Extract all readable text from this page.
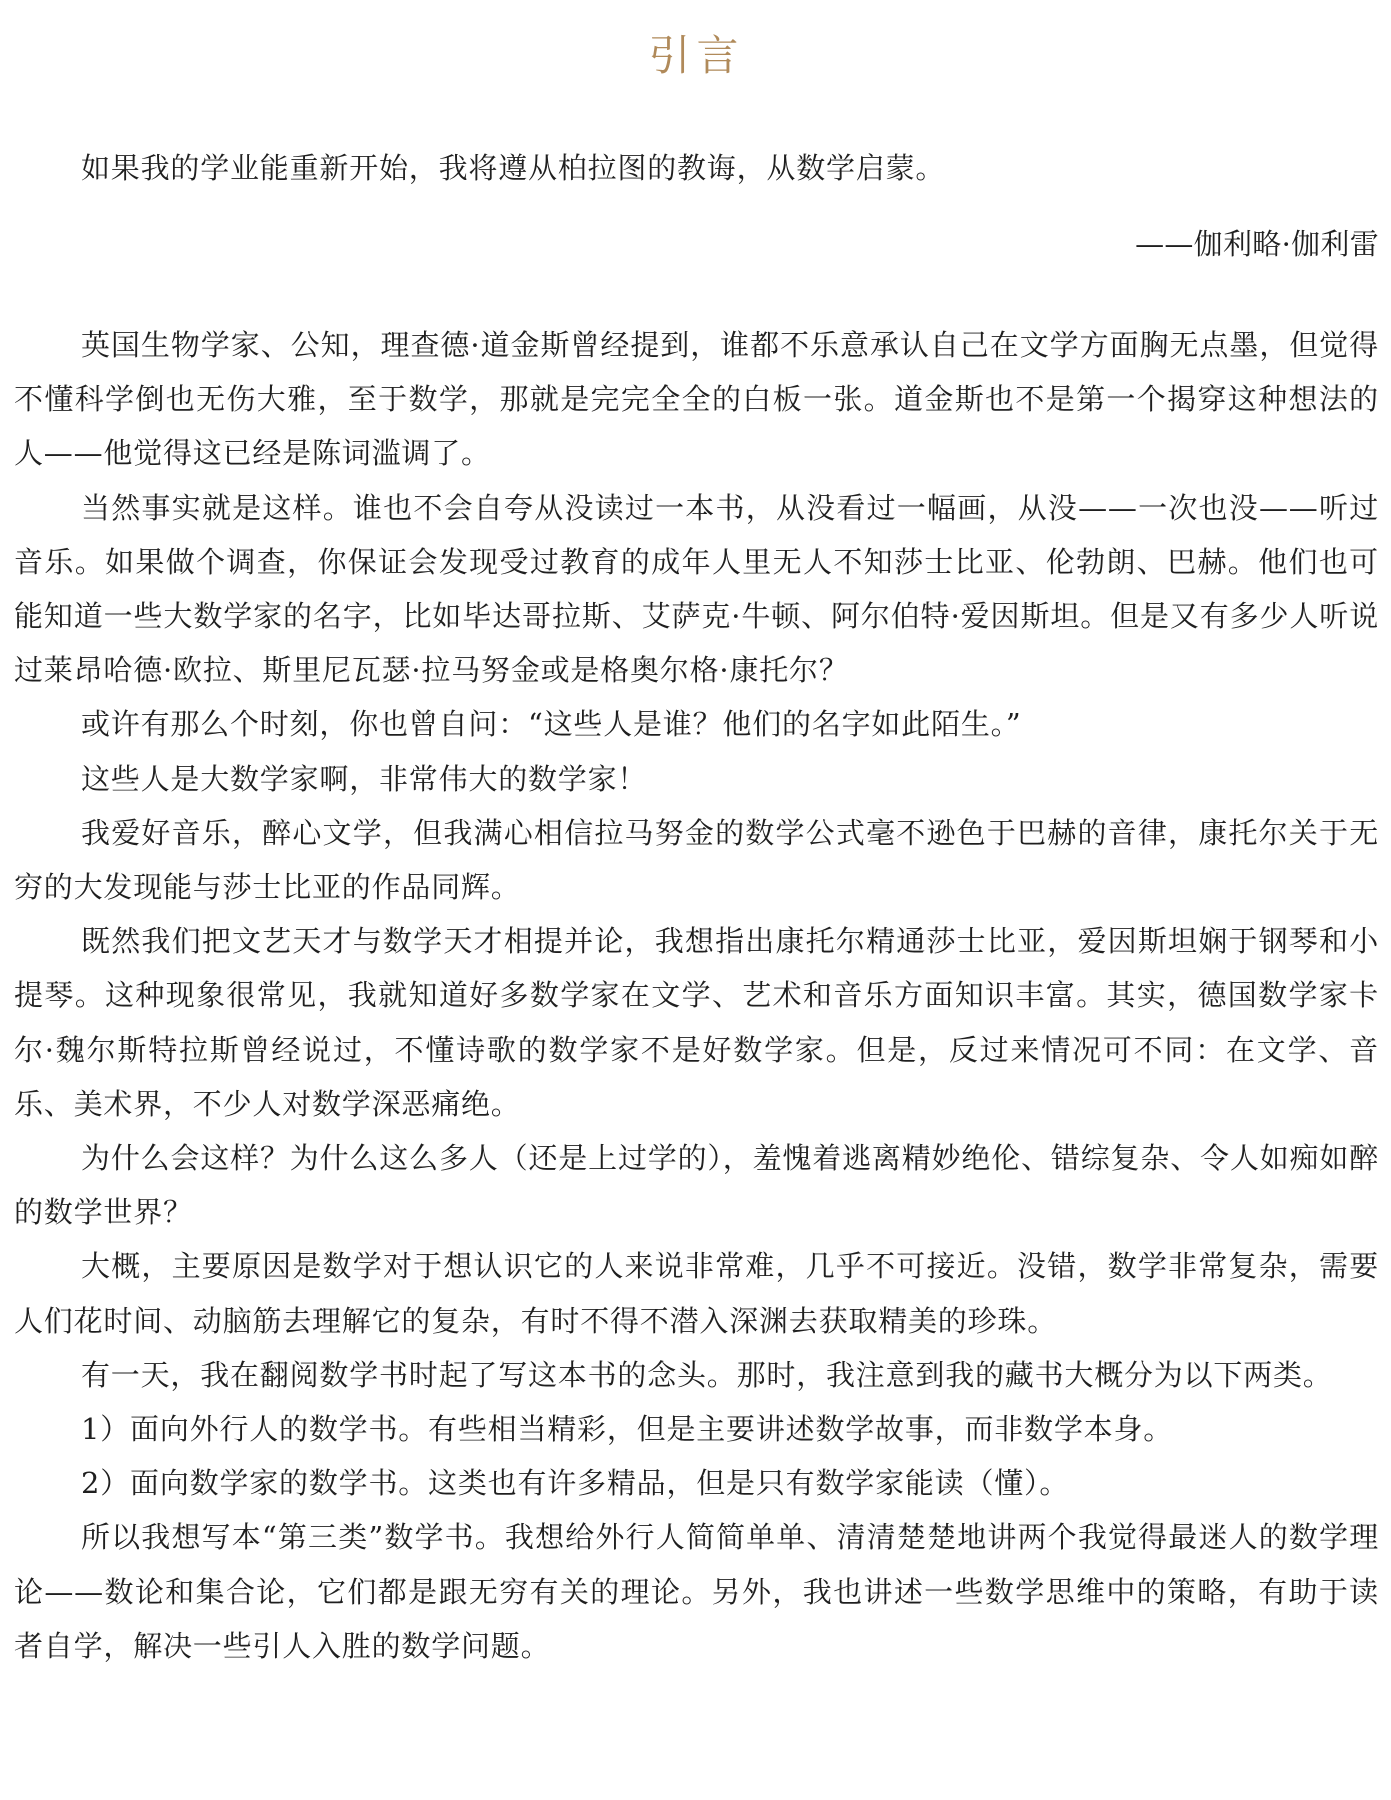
引言
如果我的学业能重新开始，我将遵从柏拉图的教诲，从数学启蒙。
——伽利略·伽利雷

英国生物学家、公知，理查德·道金斯曾经提到，谁都不乐意承认自己在文学方面胸无点墨，但觉得不懂科学倒也无伤大雅，至于数学，那就是完完全全的白板一张。道金斯也不是第一个揭穿这种想法的人——他觉得这已经是陈词滥调了。

当然事实就是这样。谁也不会自夸从没读过一本书，从没看过一幅画，从没——一次也没——听过音乐。如果做个调查，你保证会发现受过教育的成年人里无人不知莎士比亚、伦勃朗、巴赫。他们也可能知道一些大数学家的名字，比如毕达哥拉斯、艾萨克·牛顿、阿尔伯特·爱因斯坦。但是又有多少人听说过莱昂哈德·欧拉、斯里尼瓦瑟·拉马努金或是格奥尔格·康托尔？

或许有那么个时刻，你也曾自问：“这些人是谁？他们的名字如此陌生。”

这些人是大数学家啊，非常伟大的数学家！

我爱好音乐，醉心文学，但我满心相信拉马努金的数学公式毫不逊色于巴赫的音律，康托尔关于无穷的大发现能与莎士比亚的作品同辉。

既然我们把文艺天才与数学天才相提并论，我想指出康托尔精通莎士比亚，爱因斯坦娴于钢琴和小提琴。这种现象很常见，我就知道好多数学家在文学、艺术和音乐方面知识丰富。其实，德国数学家卡尔·魏尔斯特拉斯曾经说过，不懂诗歌的数学家不是好数学家。但是，反过来情况可不同：在文学、音乐、美术界，不少人对数学深恶痛绝。

为什么会这样？为什么这么多人（还是上过学的），羞愧着逃离精妙绝伦、错综复杂、令人如痴如醉的数学世界？

大概，主要原因是数学对于想认识它的人来说非常难，几乎不可接近。没错，数学非常复杂，需要人们花时间、动脑筋去理解它的复杂，有时不得不潜入深渊去获取精美的珍珠。

有一天，我在翻阅数学书时起了写这本书的念头。那时，我注意到我的藏书大概分为以下两类。

1）面向外行人的数学书。有些相当精彩，但是主要讲述数学故事，而非数学本身。

2）面向数学家的数学书。这类也有许多精品，但是只有数学家能读（懂）。

所以我想写本“第三类”数学书。我想给外行人简简单单、清清楚楚地讲两个我觉得最迷人的数学理论——数论和集合论，它们都是跟无穷有关的理论。另外，我也讲述一些数学思维中的策略，有助于读者自学，解决一些引人入胜的数学问题。
